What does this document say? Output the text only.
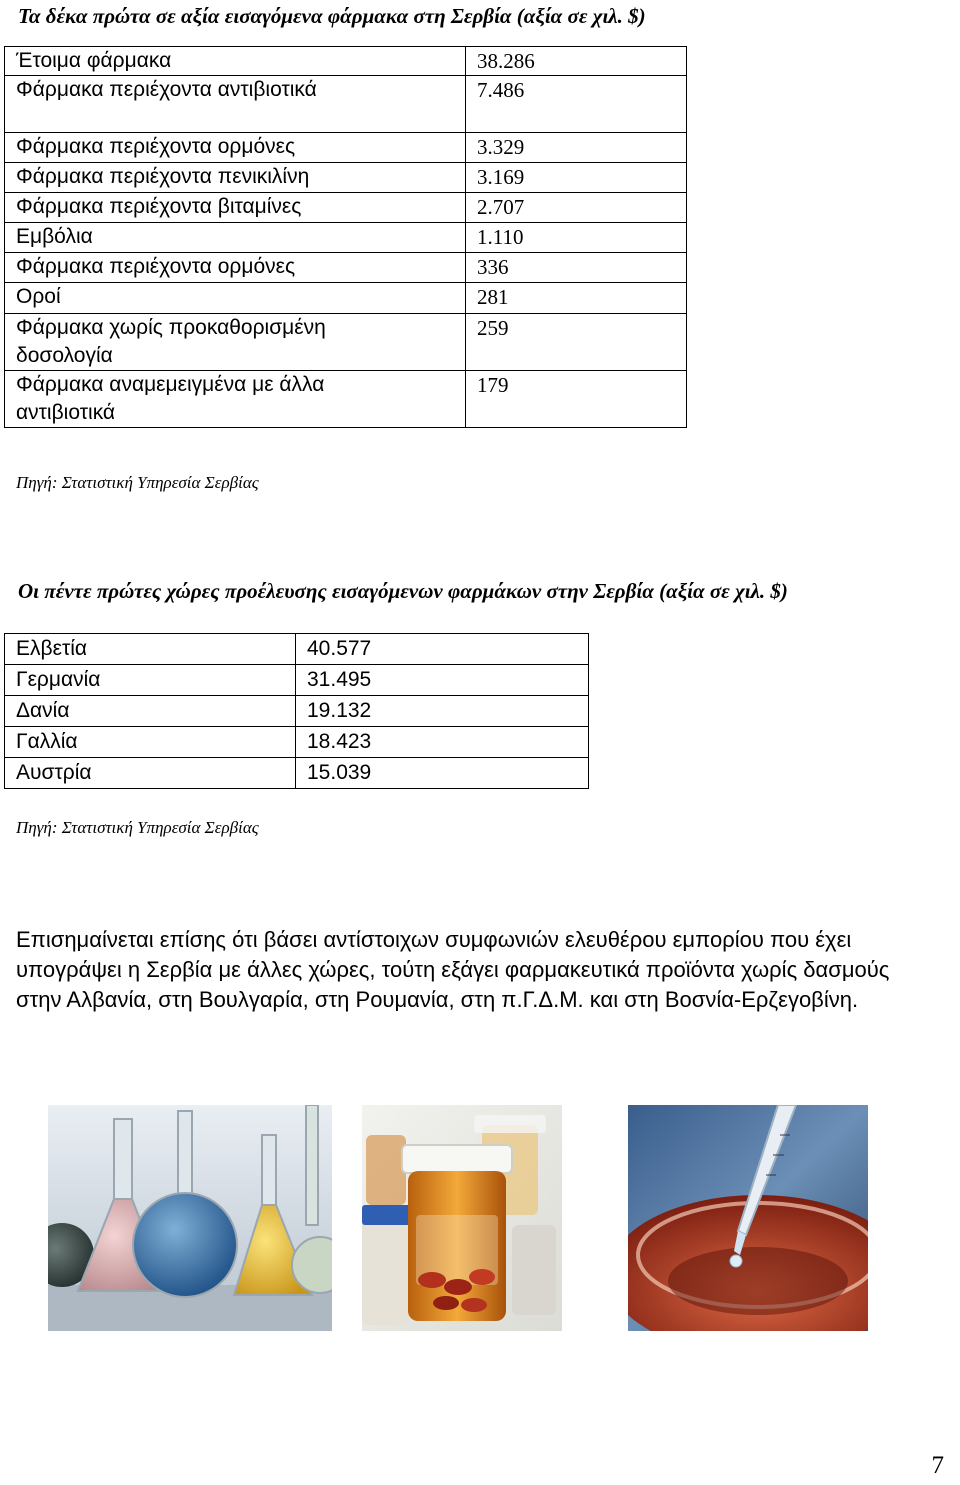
Τα δέκα πρώτα σε αξία εισαγόμενα φάρμακα στη Σερβία (αξία σε χιλ. $)
Έτοιμα φάρμακα	38.286
Φάρμακα περιέχοντα αντιβιοτικά	7.486
Φάρμακα περιέχοντα ορμόνες	3.329
Φάρμακα περιέχοντα πενικιλίνη	3.169
Φάρμακα περιέχοντα βιταμίνες	2.707
Εμβόλια	1.110
Φάρμακα περιέχοντα ορμόνες	336
Οροί	281
Φάρμακα χωρίς προκαθορισμένη δοσολογία	259
Φάρμακα αναμεμειγμένα με άλλα αντιβιοτικά	179
Πηγή: Στατιστική Υπηρεσία Σερβίας
Οι πέντε πρώτες χώρες προέλευσης εισαγόμενων φαρμάκων στην Σερβία (αξία σε χιλ. $)
Ελβετία	40.577
Γερμανία	31.495
Δανία	19.132
Γαλλία	18.423
Αυστρία	15.039
Πηγή: Στατιστική Υπηρεσία Σερβίας
Επισημαίνεται επίσης ότι βάσει αντίστοιχων συμφωνιών ελευθέρου εμπορίου που έχει υπογράψει η Σερβία με άλλες χώρες, τούτη εξάγει φαρμακευτικά προϊόντα χωρίς δασμούς στην Αλβανία, στη Βουλγαρία, στη Ρουμανία, στη π.Γ.Δ.Μ. και στη Βοσνία-Ερζεγοβίνη.
7
